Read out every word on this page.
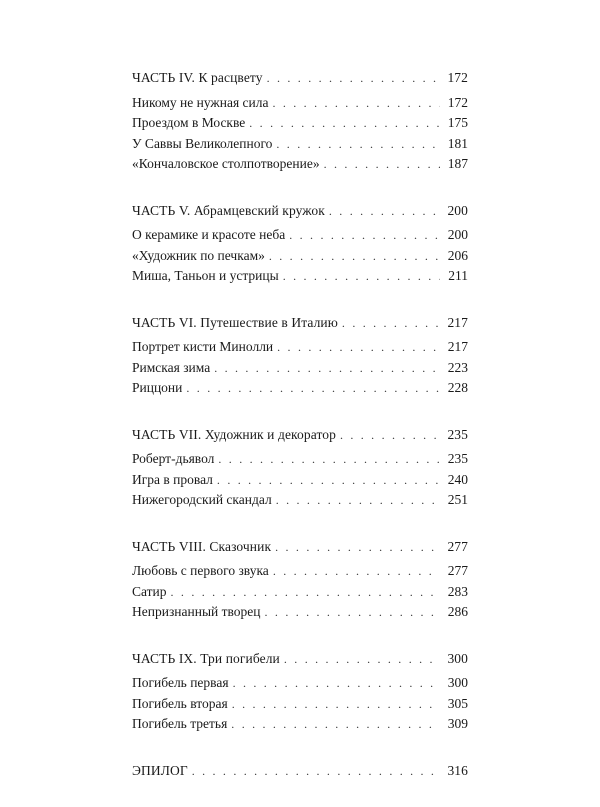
ЧАСТЬ IV. К расцвету . . .	172
Никому не нужная сила . . .	172
Проездом в Москве . . .	175
У Саввы Великолепного . . .	181
«Кончаловское столпотворение» . . .	187
ЧАСТЬ V. Абрамцевский кружок . . .	200
О керамике и красоте неба . . .	200
«Художник по печкам» . . .	206
Миша, Таньон и устрицы . . .	211
ЧАСТЬ VI. Путешествие в Италию . . .	217
Портрет кисти Минолли . . .	217
Римская зима . . .	223
Риццони . . .	228
ЧАСТЬ VII. Художник и декоратор . . .	235
Роберт-дьявол . . .	235
Игра в провал . . .	240
Нижегородский скандал . . .	251
ЧАСТЬ VIII. Сказочник . . .	277
Любовь с первого звука . . .	277
Сатир . . .	283
Непризнанный творец . . .	286
ЧАСТЬ IX. Три погибели . . .	300
Погибель первая . . .	300
Погибель вторая . . .	305
Погибель третья . . .	309
ЭПИЛОГ . . .	316
